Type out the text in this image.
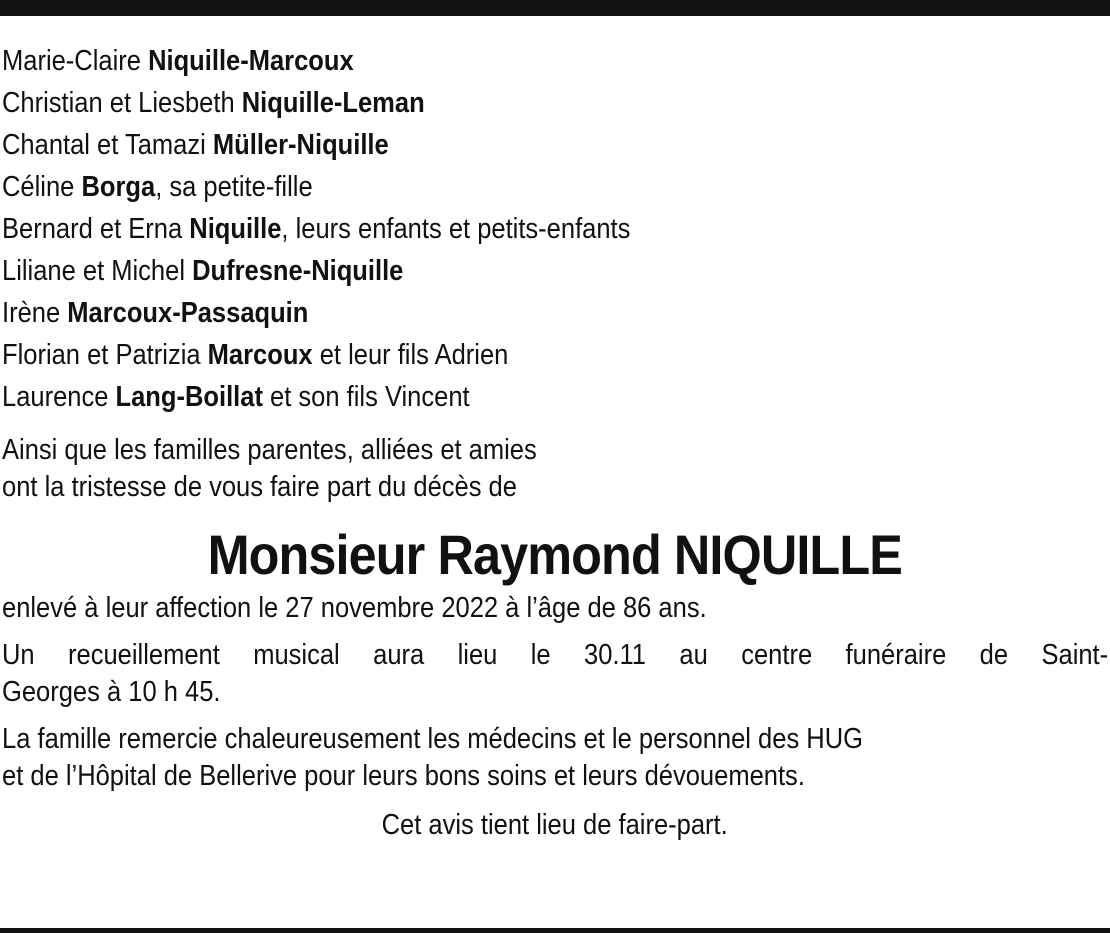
Marie-Claire Niquille-Marcoux
Christian et Liesbeth Niquille-Leman
Chantal et Tamazi Müller-Niquille
Céline Borga, sa petite-fille
Bernard et Erna Niquille, leurs enfants et petits-enfants
Liliane et Michel Dufresne-Niquille
Irène Marcoux-Passaquin
Florian et Patrizia Marcoux et leur fils Adrien
Laurence Lang-Boillat et son fils Vincent
Ainsi que les familles parentes, alliées et amies
ont la tristesse de vous faire part du décès de
Monsieur Raymond NIQUILLE
enlevé à leur affection le 27 novembre 2022 à l’âge de 86 ans.
Un recueillement musical aura lieu le 30.11 au centre funéraire de Saint-
Georges à 10 h 45.
La famille remercie chaleureusement les médecins et le personnel des HUG
et de l’Hôpital de Bellerive pour leurs bons soins et leurs dévouements.
Cet avis tient lieu de faire-part.
